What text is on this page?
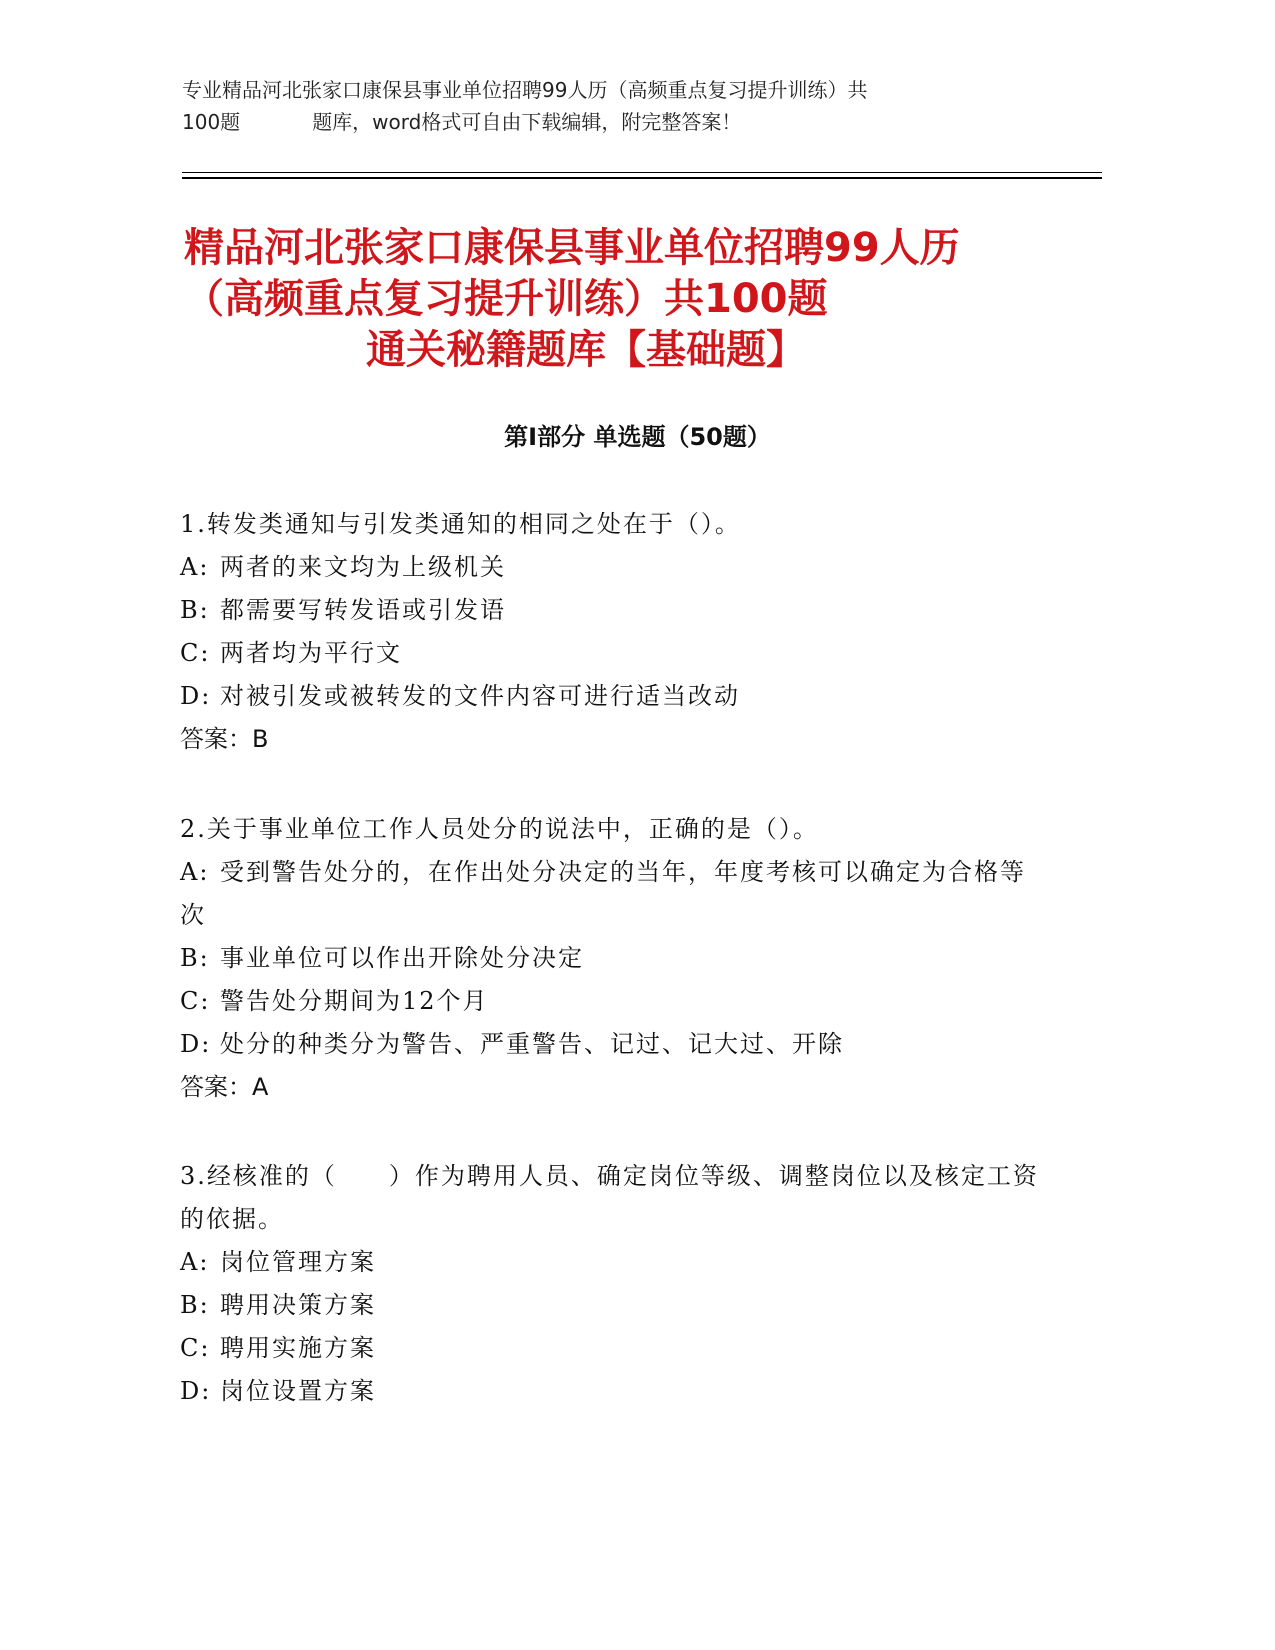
专业精品河北张家口康保县事业单位招聘99人历（高频重点复习提升训练）共
100题	题库，word格式可自由下载编辑，附完整答案！
精品河北张家口康保县事业单位招聘99人历
（高频重点复习提升训练）共100题
通关秘籍题库【基础题】
第Ⅰ部分 单选题（50题）

1.转发类通知与引发类通知的相同之处在于（）。

A: 两者的来文均为上级机关

B: 都需要写转发语或引发语

C: 两者均为平行文

D: 对被引发或被转发的文件内容可进行适当改动

答案：B

2.关于事业单位工作人员处分的说法中，正确的是（）。

A: 受到警告处分的，在作出处分决定的当年，年度考核可以确定为合格等次

B: 事业单位可以作出开除处分决定

C: 警告处分期间为12个月

D: 处分的种类分为警告、严重警告、记过、记大过、开除

答案：A

3.经核准的（　　）作为聘用人员、确定岗位等级、调整岗位以及核定工资的依据。

A: 岗位管理方案

B: 聘用决策方案

C: 聘用实施方案

D: 岗位设置方案
